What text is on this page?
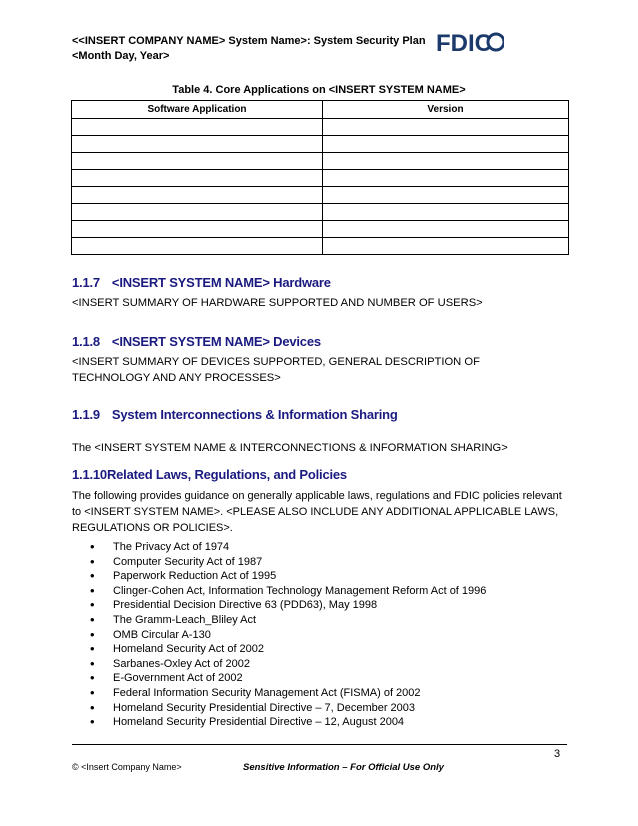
<<INSERT COMPANY NAME> System Name>: System Security Plan
<Month Day, Year>	FDIC
Table 4. Core Applications on <INSERT SYSTEM NAME>
Software Application	Version

1.1.7 <INSERT SYSTEM NAME> Hardware
<INSERT SUMMARY OF HARDWARE SUPPORTED AND NUMBER OF USERS>
1.1.8 <INSERT SYSTEM NAME> Devices
<INSERT SUMMARY OF DEVICES SUPPORTED, GENERAL DESCRIPTION OF TECHNOLOGY AND ANY PROCESSES>
1.1.9 System Interconnections & Information Sharing
The <INSERT SYSTEM NAME & INTERCONNECTIONS & INFORMATION SHARING>
1.1.10Related Laws, Regulations, and Policies
The following provides guidance on generally applicable laws, regulations and FDIC policies relevant to <INSERT SYSTEM NAME>. <PLEASE ALSO INCLUDE ANY ADDITIONAL APPLICABLE LAWS, REGULATIONS OR POLICIES>.
• The Privacy Act of 1974
• Computer Security Act of 1987
• Paperwork Reduction Act of 1995
• Clinger-Cohen Act, Information Technology Management Reform Act of 1996
• Presidential Decision Directive 63 (PDD63), May 1998
• The Gramm-Leach_Bliley Act
• OMB Circular A-130
• Homeland Security Act of 2002
• Sarbanes-Oxley Act of 2002
• E-Government Act of 2002
• Federal Information Security Management Act (FISMA) of 2002
• Homeland Security Presidential Directive – 7, December 2003
• Homeland Security Presidential Directive – 12, August 2004
3
© <Insert Company Name>	Sensitive Information – For Official Use Only
